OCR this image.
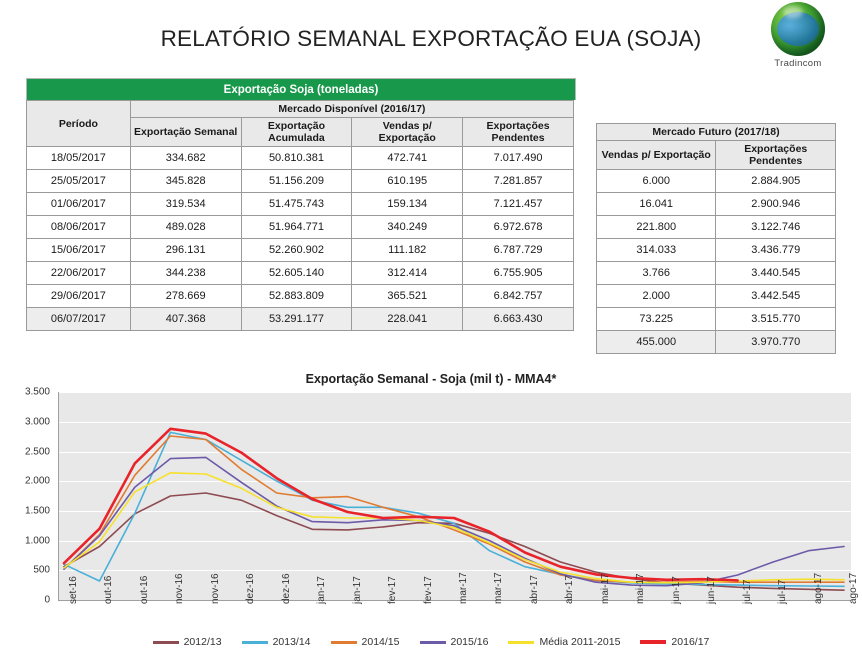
RELATÓRIO SEMANAL EXPORTAÇÃO EUA (SOJA)
Tradincom
Exportação Soja (toneladas)
Período	Mercado Disponível (2016/17)			
	Exportação Semanal	Exportação Acumulada	Vendas p/ Exportação	Exportações Pendentes
18/05/2017	334.682	50.810.381	472.741	7.017.490
25/05/2017	345.828	51.156.209	610.195	7.281.857
01/06/2017	319.534	51.475.743	159.134	7.121.457
08/06/2017	489.028	51.964.771	340.249	6.972.678
15/06/2017	296.131	52.260.902	111.182	6.787.729
22/06/2017	344.238	52.605.140	312.414	6.755.905
29/06/2017	278.669	52.883.809	365.521	6.842.757
06/07/2017	407.368	53.291.177	228.041	6.663.430
Mercado Futuro (2017/18)	
Vendas p/ Exportação	Exportações Pendentes
6.000	2.884.905
16.041	2.900.946
221.800	3.122.746
314.033	3.436.779
3.766	3.440.545
2.000	3.442.545
73.225	3.515.770
455.000	3.970.770
Exportação Semanal - Soja (mil t) - MMA4*
0
500
1.000
1.500
2.000
2.500
3.000
3.500
set-16 out-16 out-16 nov-16 nov-16 dez-16 dez-16 jan-17 jan-17 fev-17 fev-17 mar-17 mar-17 abr-17 abr-17 mai-17 mai-17 jun-17 jun-17 jul-17 jul-17 ago-17 ago-17
2012/13	2013/14	2014/15	2015/16	Média 2011-2015	2016/17
